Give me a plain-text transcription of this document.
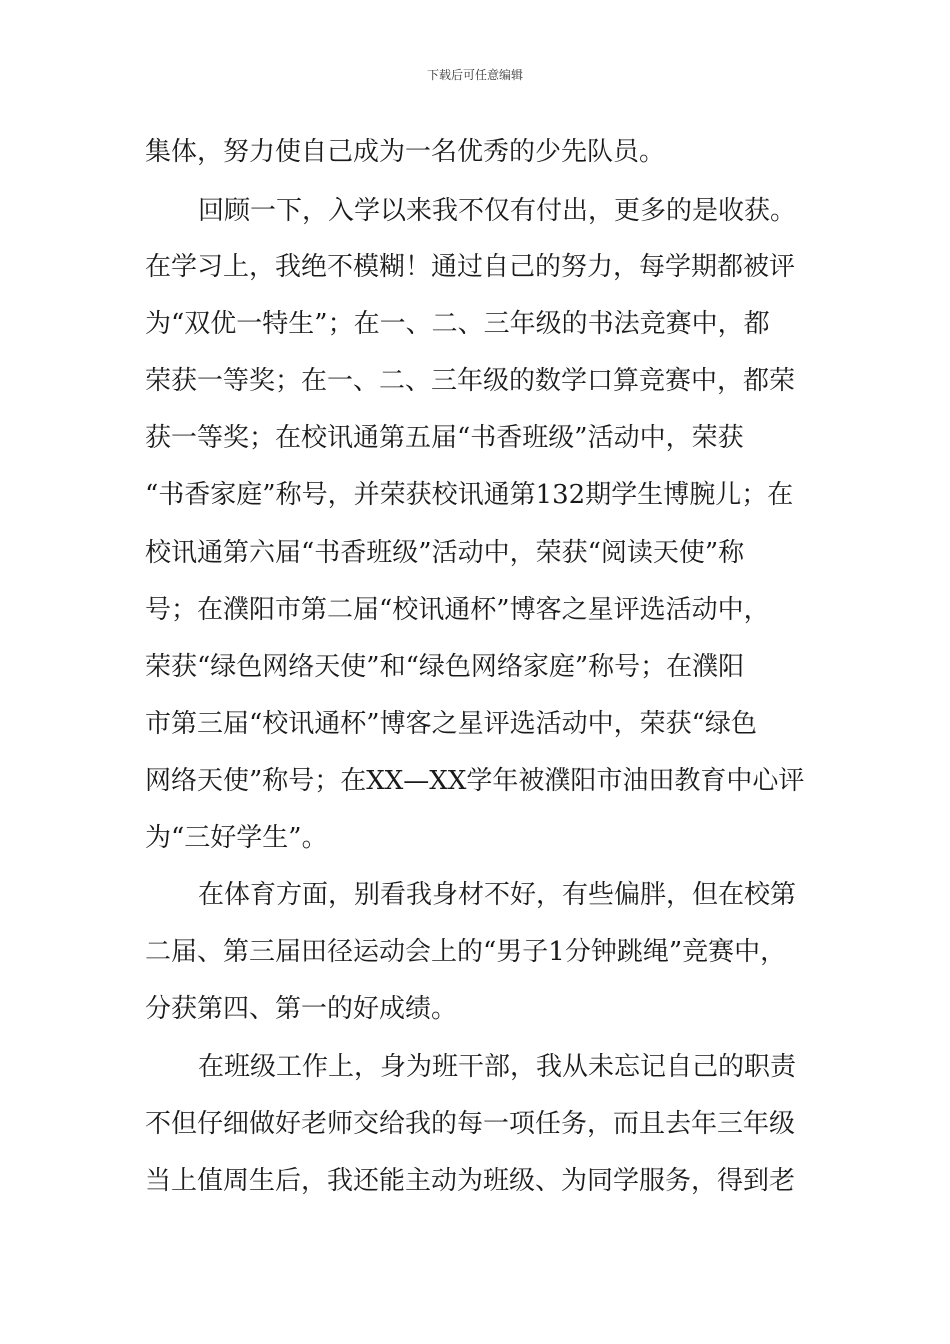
下载后可任意编辑
集体，努力使自己成为一名优秀的少先队员。
回顾一下，入学以来我不仅有付出，更多的是收获。
在学习上，我绝不模糊！通过自己的努力，每学期都被评
为“双优一特生”；在一、二、三年级的书法竞赛中，都
荣获一等奖；在一、二、三年级的数学口算竞赛中，都荣
获一等奖；在校讯通第五届“书香班级”活动中，荣获
“书香家庭”称号，并荣获校讯通第132期学生博腕儿；在
校讯通第六届“书香班级”活动中，荣获“阅读天使”称
号；在濮阳市第二届“校讯通杯”博客之星评选活动中，
荣获“绿色网络天使”和“绿色网络家庭”称号；在濮阳
市第三届“校讯通杯”博客之星评选活动中，荣获“绿色
网络天使”称号；在XX—XX学年被濮阳市油田教育中心评
为“三好学生”。
在体育方面，别看我身材不好，有些偏胖，但在校第
二届、第三届田径运动会上的“男子1分钟跳绳”竞赛中，
分获第四、第一的好成绩。
在班级工作上，身为班干部，我从未忘记自己的职责
不但仔细做好老师交给我的每一项任务，而且去年三年级
当上值周生后，我还能主动为班级、为同学服务，得到老
